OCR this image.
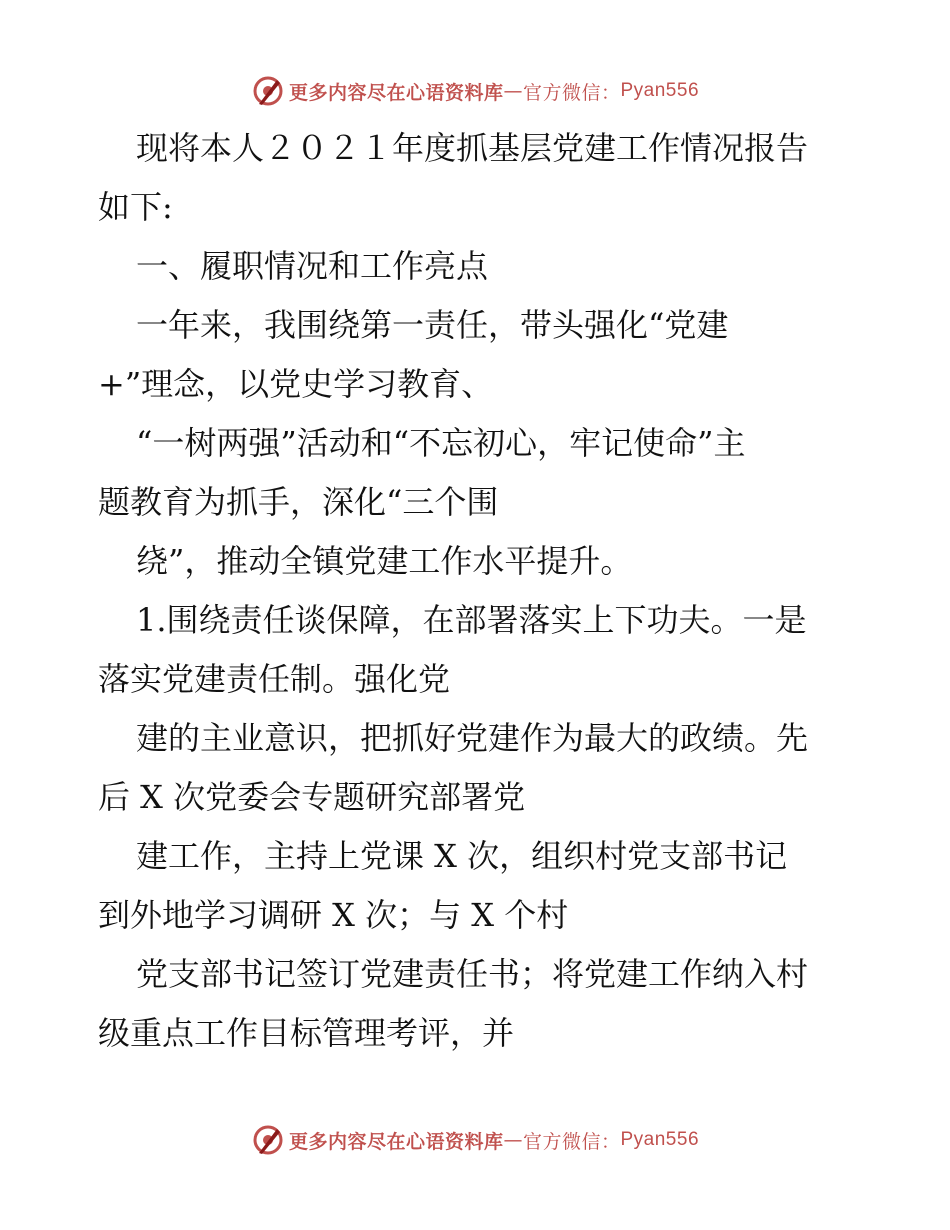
更多内容尽在心语资料库 — 官方微信： Pyan556
现将本人２０２１年度抓基层党建工作情况报告
如下:
一、履职情况和工作亮点
一年来，我围绕第一责任，带头强化“党建
+”理念，以党史学习教育、
“一树两强”活动和“不忘初心，牢记使命”主
题教育为抓手，深化“三个围
绕”，推动全镇党建工作水平提升。
1.围绕责任谈保障，在部署落实上下功夫。一是
落实党建责任制。强化党
建的主业意识，把抓好党建作为最大的政绩。先
后 X 次党委会专题研究部署党
建工作，主持上党课 X 次，组织村党支部书记
到外地学习调研 X 次；与 X 个村
党支部书记签订党建责任书；将党建工作纳入村
级重点工作目标管理考评，并
更多内容尽在心语资料库 — 官方微信： Pyan556
